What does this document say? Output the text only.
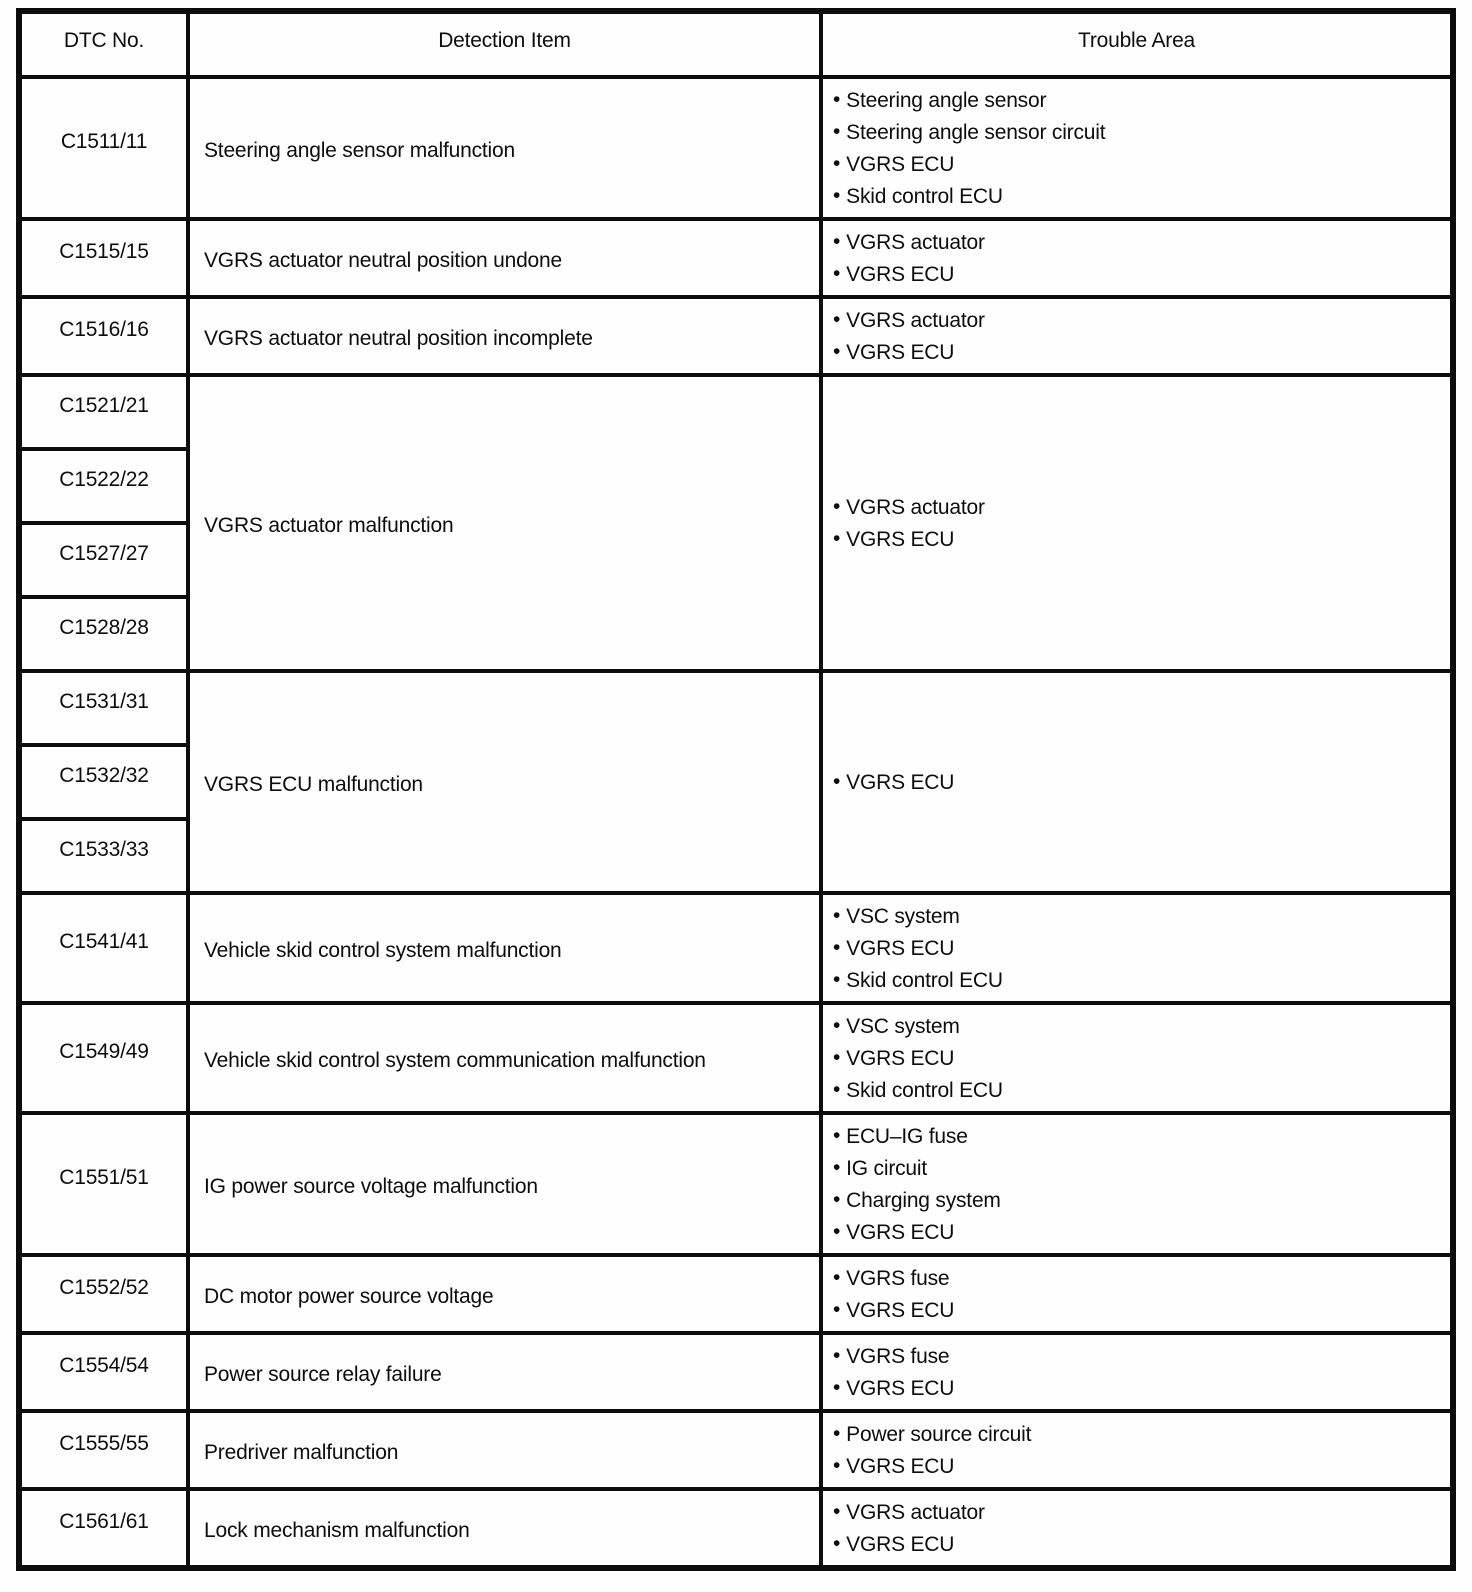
DTC No.	Detection Item	Trouble Area
C1511/11	Steering angle sensor malfunction	
• Steering angle sensor
• Steering angle sensor circuit
• VGRS ECU
• Skid control ECU

C1515/15	VGRS actuator neutral position undone	
• VGRS actuator
• VGRS ECU

C1516/16	VGRS actuator neutral position incomplete	
• VGRS actuator
• VGRS ECU

C1521/21	VGRS actuator malfunction	
• VGRS actuator
• VGRS ECU

C1522/22		
C1527/27		
C1528/28		
C1531/31	VGRS ECU malfunction	
•VGRS ECU

C1532/32		
C1533/33		
C1541/41	Vehicle skid control system malfunction	
• VSC system
• VGRS ECU
• Skid control ECU

C1549/49	Vehicle skid control system communication malfunction	
• VSC system
• VGRS ECU
• Skid control ECU

C1551/51	IG power source voltage malfunction	
• ECU–IG fuse
• IG circuit
• Charging system
• VGRS ECU

C1552/52	DC motor power source voltage	
• VGRS fuse
• VGRS ECU

C1554/54	Power source relay failure	
• VGRS fuse
• VGRS ECU

C1555/55	Predriver malfunction	
• Power source circuit
• VGRS ECU

C1561/61	Lock mechanism malfunction	
• VGRS actuator
• VGRS ECU
